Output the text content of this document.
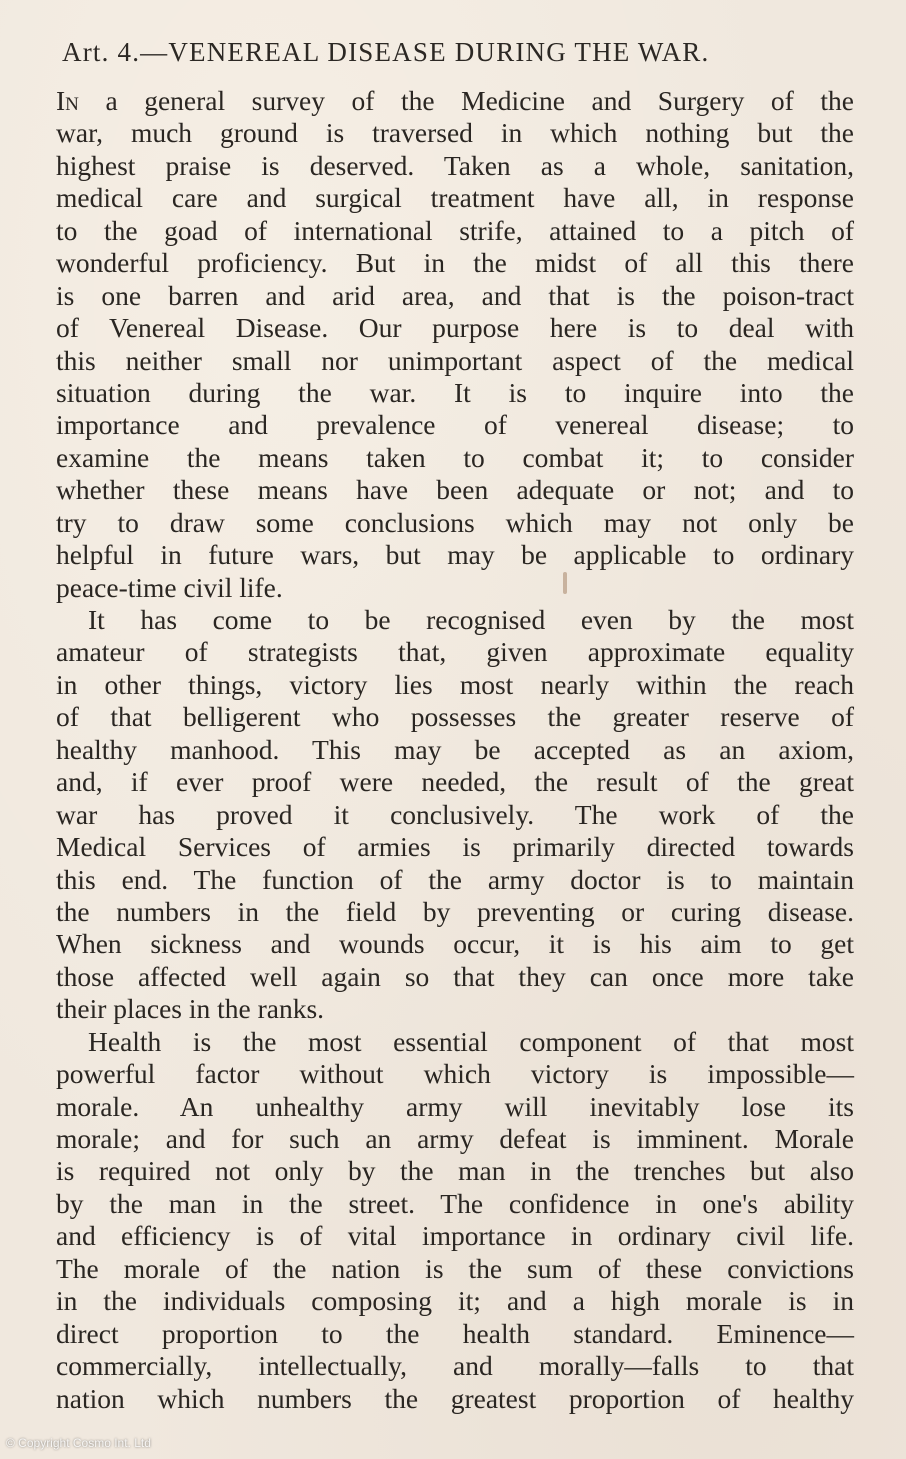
Art. 4.—VENEREAL DISEASE DURING THE WAR.
In a general survey of the Medicine and Surgery of the
war, much ground is traversed in which nothing but the
highest praise is deserved. Taken as a whole, sanitation,
medical care and surgical treatment have all, in response
to the goad of international strife, attained to a pitch of
wonderful proficiency. But in the midst of all this there
is one barren and arid area, and that is the poison-tract
of Venereal Disease. Our purpose here is to deal with
this neither small nor unimportant aspect of the medical
situation during the war. It is to inquire into the
importance and prevalence of venereal disease; to
examine the means taken to combat it; to consider
whether these means have been adequate or not; and to
try to draw some conclusions which may not only be
helpful in future wars, but may be applicable to ordinary
peace-time civil life.
It has come to be recognised even by the most
amateur of strategists that, given approximate equality
in other things, victory lies most nearly within the reach
of that belligerent who possesses the greater reserve of
healthy manhood. This may be accepted as an axiom,
and, if ever proof were needed, the result of the great
war has proved it conclusively. The work of the
Medical Services of armies is primarily directed towards
this end. The function of the army doctor is to maintain
the numbers in the field by preventing or curing disease.
When sickness and wounds occur, it is his aim to get
those affected well again so that they can once more take
their places in the ranks.
Health is the most essential component of that most
powerful factor without which victory is impossible—
morale. An unhealthy army will inevitably lose its
morale; and for such an army defeat is imminent. Morale
is required not only by the man in the trenches but also
by the man in the street. The confidence in one's ability
and efficiency is of vital importance in ordinary civil life.
The morale of the nation is the sum of these convictions
in the individuals composing it; and a high morale is in
direct proportion to the health standard. Eminence—
commercially, intellectually, and morally—falls to that
nation which numbers the greatest proportion of healthy
© Copyright Cosmo Int. Ltd
